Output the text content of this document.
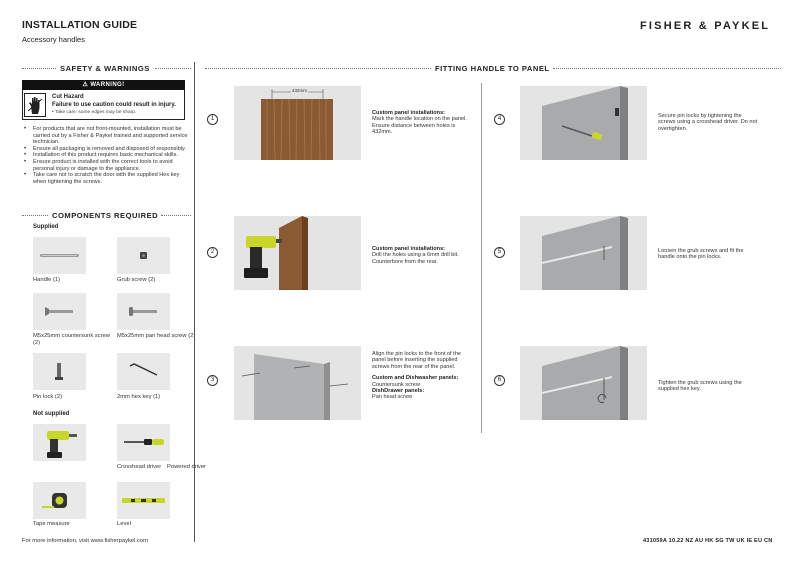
INSTALLATION GUIDE
Accessory handles
FISHER & PAYKEL
SAFETY & WARNINGS
⚠ WARNING!
Cut Hazard
Failure to use caution could result in injury.
• Take care: some edges may be sharp.
• For products that are not front-mounted, installation must be carried out by a Fisher & Paykel trained and supported service technician.
• Ensure all packaging is removed and disposed of responsibly.
• Installation of this product requires basic mechanical skills.
• Ensure product is installed with the correct tools to avoid personal injury or damage to the appliance.
• Take care not to scratch the door with the supplied Hex key when tightening the screws.
COMPONENTS REQUIRED
Supplied
Handle (1)	Grub screw (2)
M5x25mm countersunk screw (2)
M5x25mm pan head screw (2)
Pin lock (2)	2mm hex key (1)
Not supplied
Powered driver
Crosshead driver
Tape measure	Level
For more information, visit www.fisherpaykel.com
FITTING HANDLE TO PANEL
1
432mm
Custom panel installations:
Mark the handle location on the panel. Ensure distance between holes is 432mm.
2	Custom panel installations:
Drill the holes using a 6mm drill bit. Counterbore from the rear.
3
Align the pin locks to the front of the panel before inserting the supplied screws from the rear of the panel.
Custom and Dishwasher panels:
Countersunk screw
DishDrawer panels:
Pan head screw
4	Secure pin locks by tightening the screws using a crosshead driver. Do not overtighten.
5	Loosen the grub screws and fit the handle onto the pin locks.
6	Tighten the grub screws using the supplied hex key.
431059A 10.22 NZ AU HK SG TW UK IE EU CN
